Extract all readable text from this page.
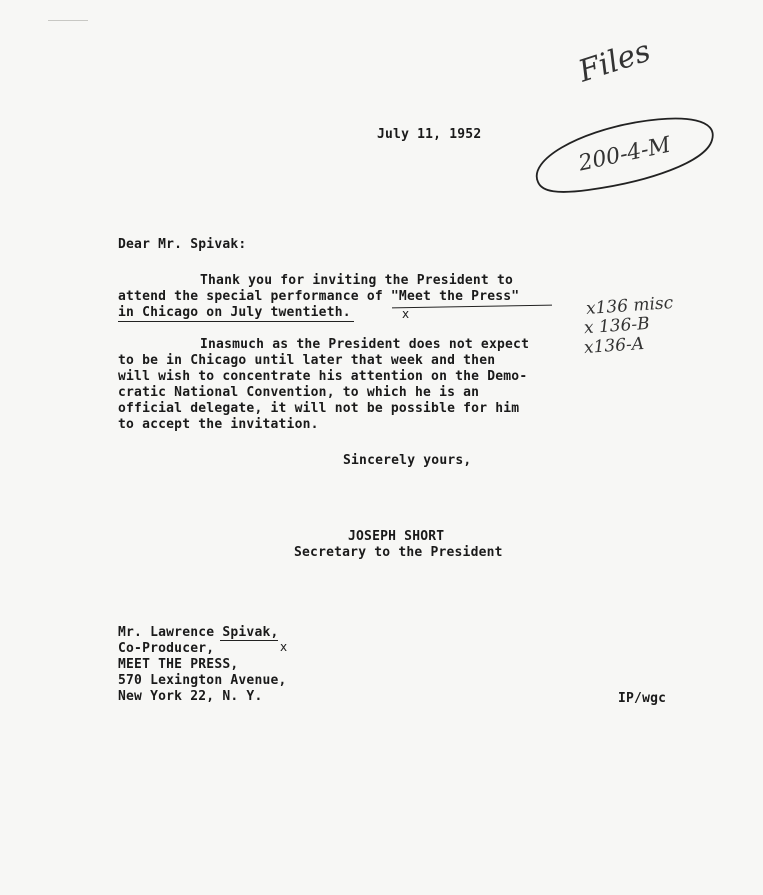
Files
200-4-M
July 11, 1952
Dear Mr. Spivak:
Thank you for inviting the President to
attend the special performance of "Meet the Press"
in Chicago on July twentieth.	x	x136 misc
x 136-B
x136-A
Inasmuch as the President does not expect
to be in Chicago until later that week and then
will wish to concentrate his attention on the Demo-
cratic National Convention, to which he is an
official delegate, it will not be possible for him
to accept the invitation.
Sincerely yours,
JOSEPH SHORT
Secretary to the President
Mr. Lawrence Spivak,
Co-Producer,
MEET THE PRESS,
570 Lexington Avenue,
New York 22, N. Y.
x
IP/wgc
